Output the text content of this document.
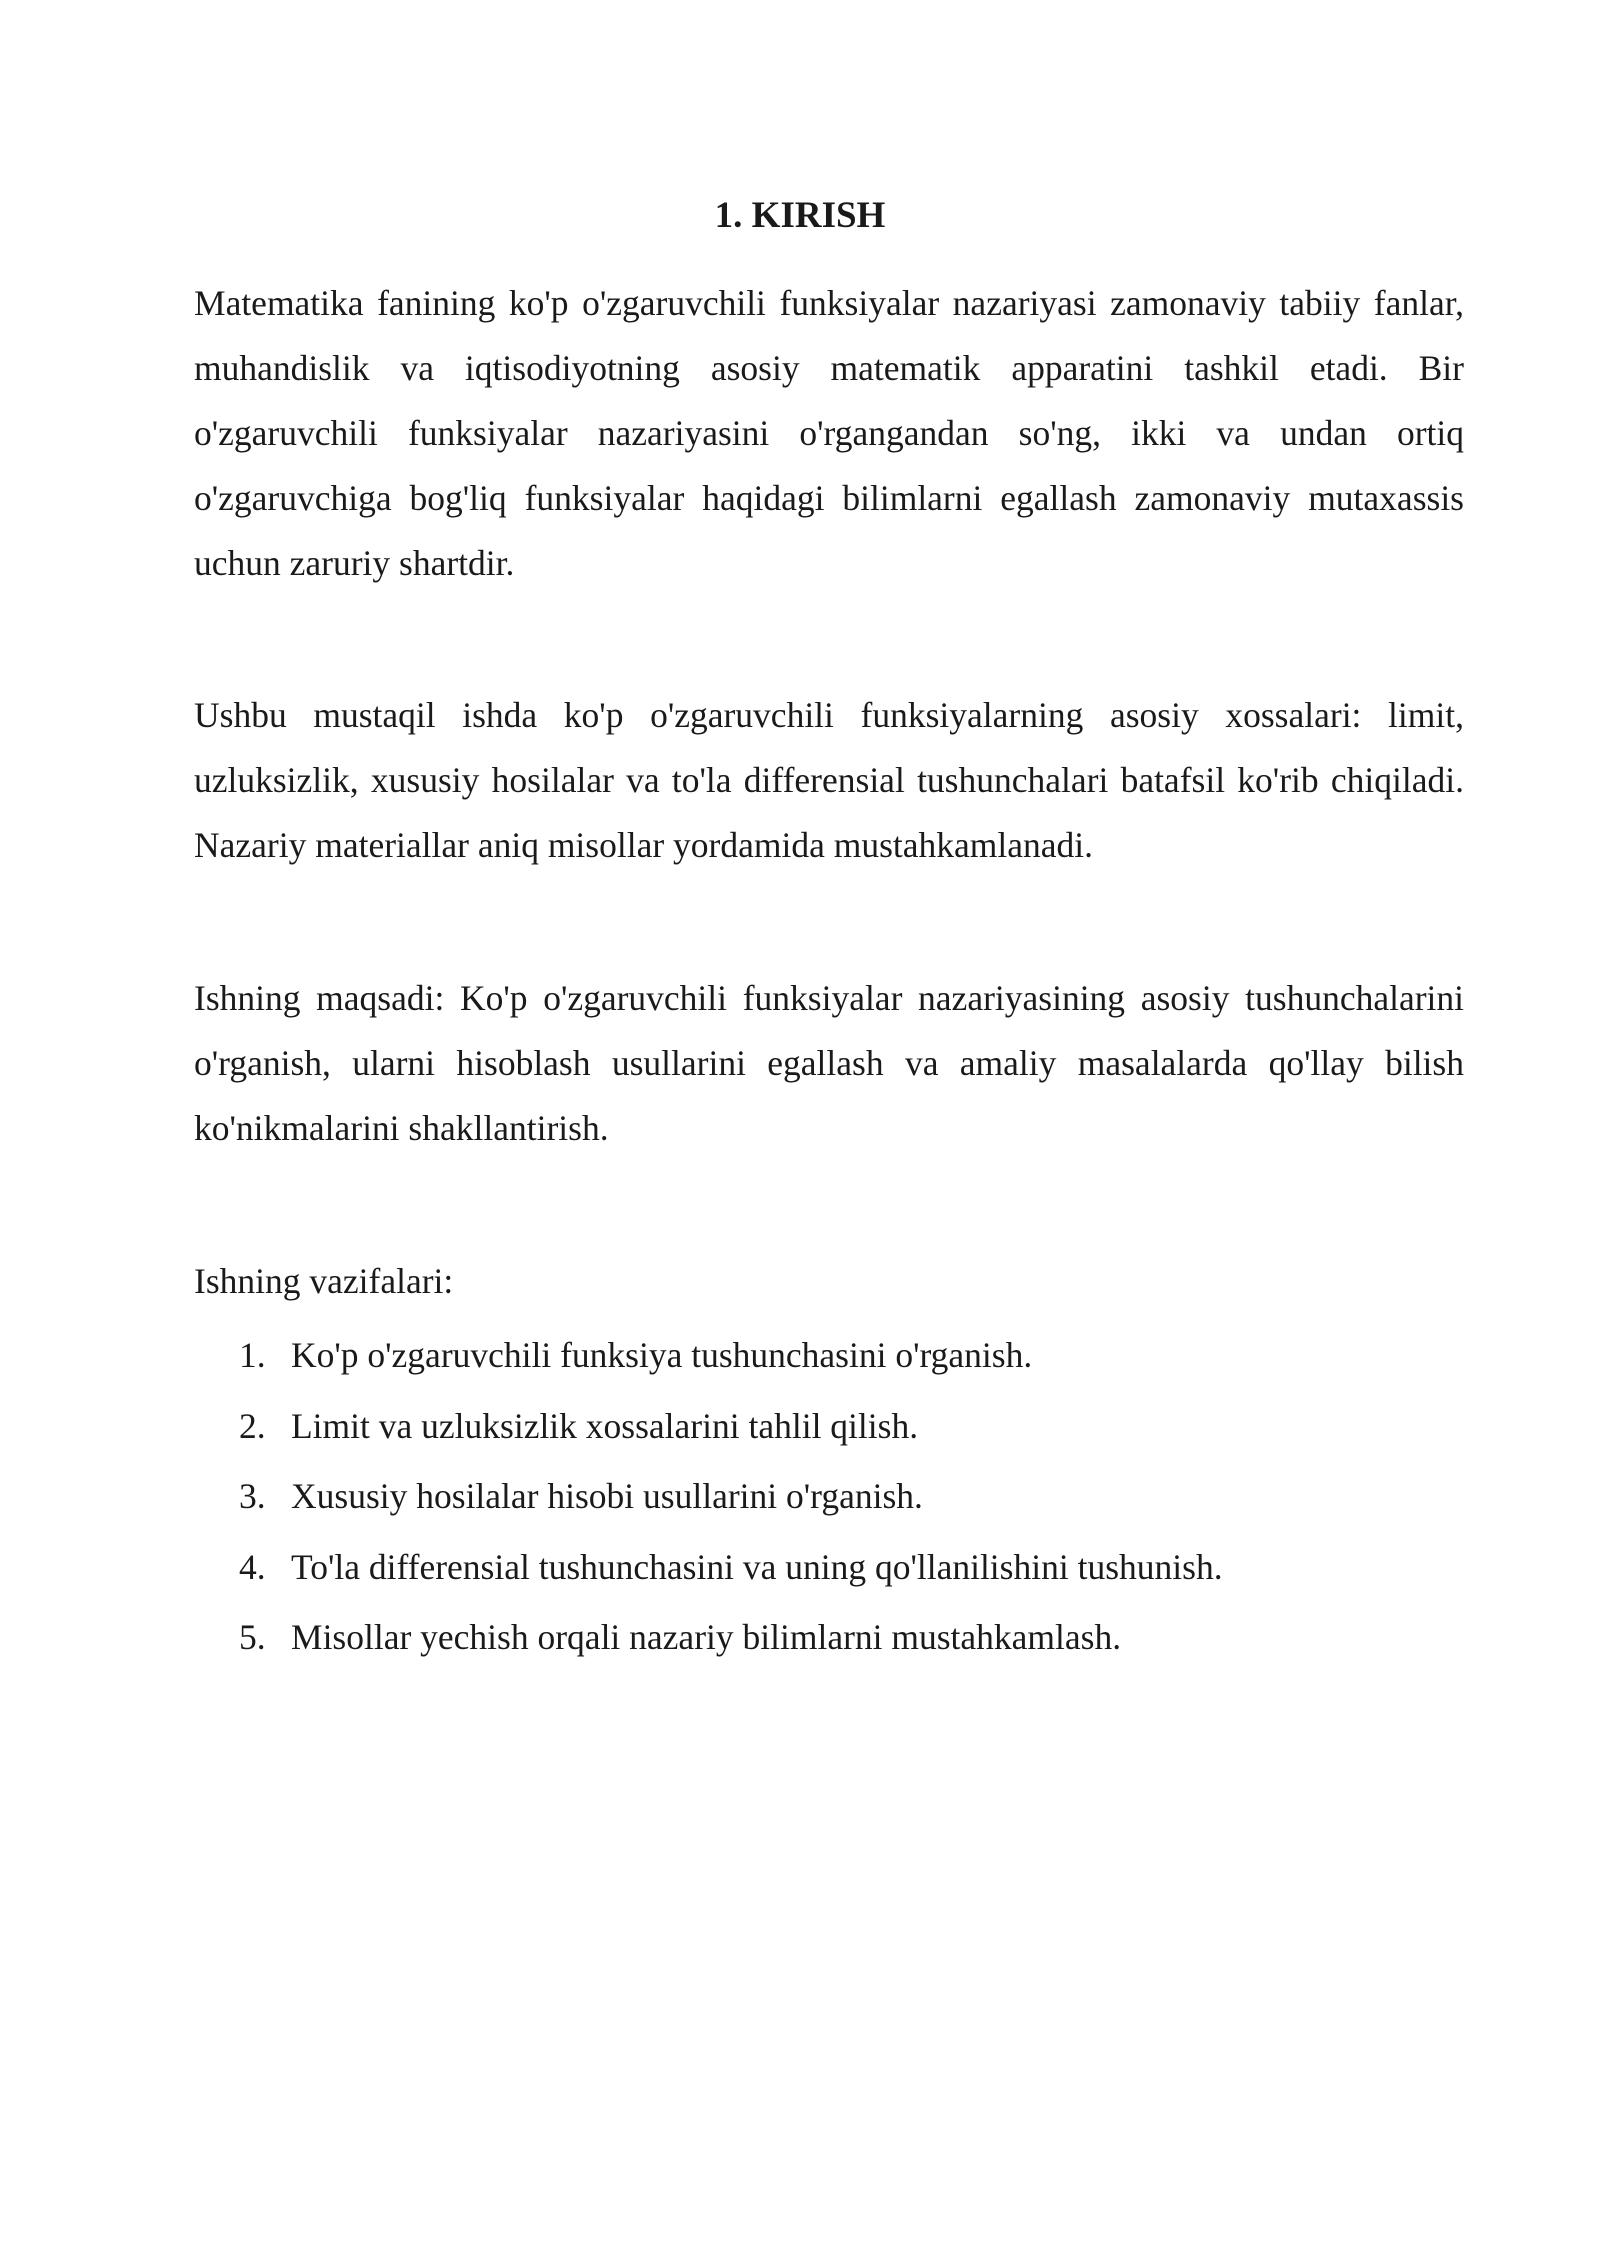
1. KIRISH

Matematika fanining ko'p o'zgaruvchili funksiyalar nazariyasi zamonaviy tabiiy fanlar, muhandislik va iqtisodiyotning asosiy matematik apparatini tashkil etadi. Bir o'zgaruvchili funksiyalar nazariyasini o'rgangandan so'ng, ikki va undan ortiq o'zgaruvchiga bog'liq funksiyalar haqidagi bilimlarni egallash zamonaviy mutaxassis uchun zaruriy shartdir.

Ushbu mustaqil ishda ko'p o'zgaruvchili funksiyalarning asosiy xossalari: limit, uzluksizlik, xususiy hosilalar va to'la differensial tushunchalari batafsil ko'rib chiqiladi. Nazariy materiallar aniq misollar yordamida mustahkamlanadi.

Ishning maqsadi: Ko'p o'zgaruvchili funksiyalar nazariyasining asosiy tushunchalarini o'rganish, ularni hisoblash usullarini egallash va amaliy masalalarda qo'llay bilish ko'nikmalarini shakllantirish.

Ishning vazifalari:

1. Ko'p o'zgaruvchili funksiya tushunchasini o'rganish.
2. Limit va uzluksizlik xossalarini tahlil qilish.
3. Xususiy hosilalar hisobi usullarini o'rganish.
4. To'la differensial tushunchasini va uning qo'llanilishini tushunish.
5. Misollar yechish orqali nazariy bilimlarni mustahkamlash.
